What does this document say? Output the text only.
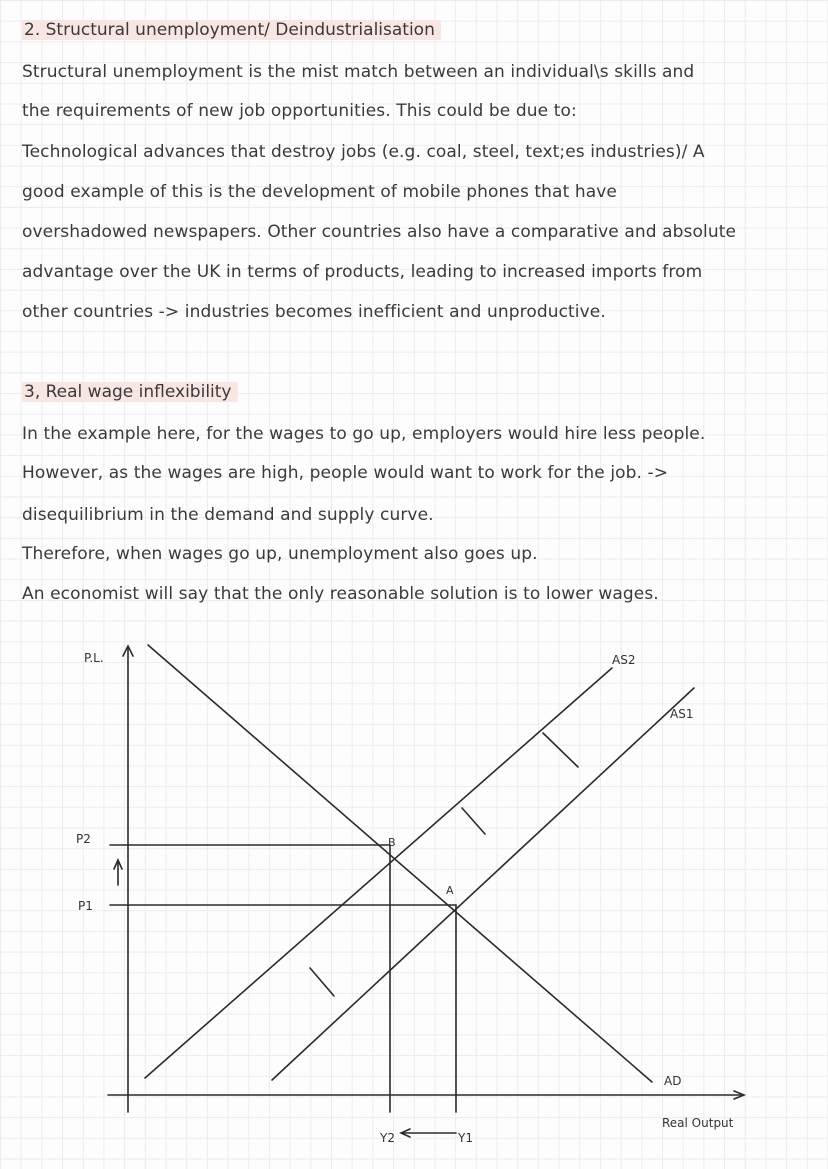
2. Structural unemployment/ Deindustrialisation

Structural unemployment is the mist match between an individual\s skills and

the requirements of new job opportunities. This could be due to:

Technological advances that destroy jobs (e.g. coal, steel, text;es industries)/ A

good example of this is the development of mobile phones that have

overshadowed newspapers. Other countries also have a comparative and absolute

advantage over the UK in terms of products, leading to increased imports from

other countries -> industries becomes inefficient and unproductive.

3, Real wage inflexibility

In the example here, for the wages to go up, employers would hire less people.

However, as the wages are high, people would want to work for the job. ->

disequilibrium in the demand and supply curve.

Therefore, when wages go up, unemployment also goes up.

An economist will say that the only reasonable solution is to lower wages.

P.L.
P2
P1
AS2
AS1
B
A
AD
Real Output
Y2	Y1
